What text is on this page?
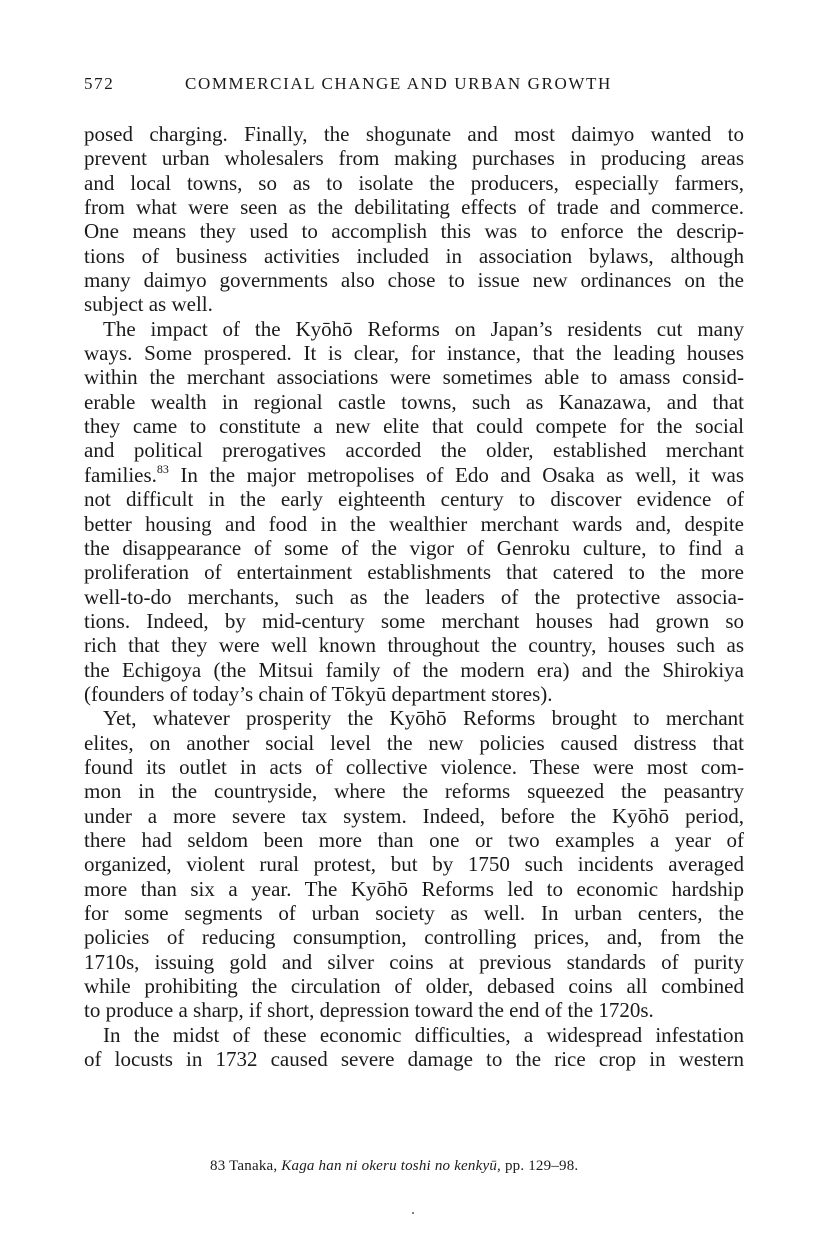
572	COMMERCIAL CHANGE AND URBAN GROWTH
posed charging. Finally, the shogunate and most daimyo wanted to
prevent urban wholesalers from making purchases in producing areas
and local towns, so as to isolate the producers, especially farmers,
from what were seen as the debilitating effects of trade and commerce.
One means they used to accomplish this was to enforce the descrip-
tions of business activities included in association bylaws, although
many daimyo governments also chose to issue new ordinances on the
subject as well.
The impact of the Kyōhō Reforms on Japan’s residents cut many
ways. Some prospered. It is clear, for instance, that the leading houses
within the merchant associations were sometimes able to amass consid-
erable wealth in regional castle towns, such as Kanazawa, and that
they came to constitute a new elite that could compete for the social
and political prerogatives accorded the older, established merchant
families.$^{83}$ In the major metropolises of Edo and Osaka as well, it was
not difficult in the early eighteenth century to discover evidence of
better housing and food in the wealthier merchant wards and, despite
the disappearance of some of the vigor of Genroku culture, to find a
proliferation of entertainment establishments that catered to the more
well-to-do merchants, such as the leaders of the protective associa-
tions. Indeed, by mid-century some merchant houses had grown so
rich that they were well known throughout the country, houses such as
the Echigoya (the Mitsui family of the modern era) and the Shirokiya
(founders of today’s chain of Tōkyū department stores).
Yet, whatever prosperity the Kyōhō Reforms brought to merchant
elites, on another social level the new policies caused distress that
found its outlet in acts of collective violence. These were most com-
mon in the countryside, where the reforms squeezed the peasantry
under a more severe tax system. Indeed, before the Kyōhō period,
there had seldom been more than one or two examples a year of
organized, violent rural protest, but by 1750 such incidents averaged
more than six a year. The Kyōhō Reforms led to economic hardship
for some segments of urban society as well. In urban centers, the
policies of reducing consumption, controlling prices, and, from the
1710s, issuing gold and silver coins at previous standards of purity
while prohibiting the circulation of older, debased coins all combined
to produce a sharp, if short, depression toward the end of the 1720s.
In the midst of these economic difficulties, a widespread infestation
of locusts in 1732 caused severe damage to the rice crop in western
83 Tanaka, Kaga han ni okeru toshi no kenkyū, pp. 129–98.
